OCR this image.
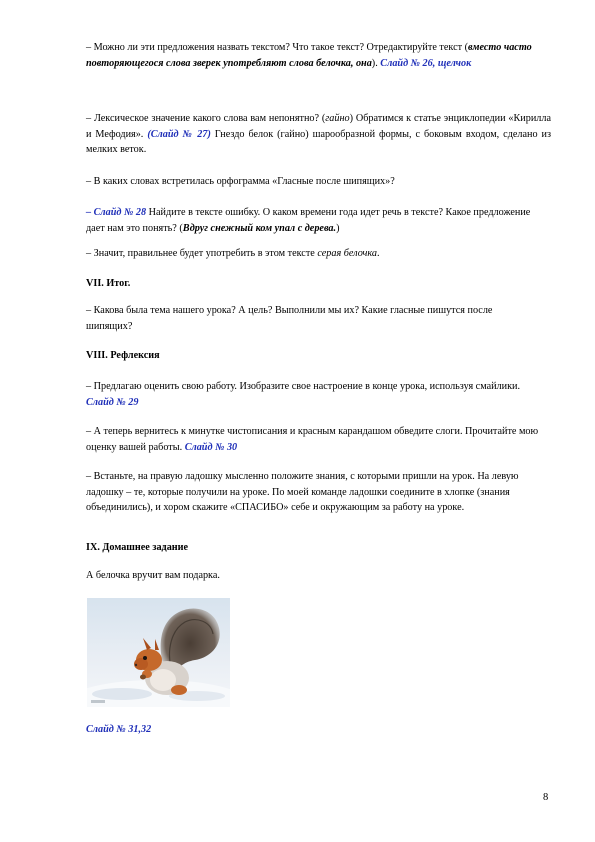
– Можно ли эти предложения назвать текстом? Что такое текст? Отредактируйте текст (вместо часто повторяющегося слова зверек употребляют слова белочка, она). Слайд № 26, щелчок
– Лексическое значение какого слова вам непонятно? (гайно) Обратимся к статье энциклопедии «Кирилла и Мефодия». (Слайд № 27) Гнездо белок (гайно) шарообразной формы, с боковым входом, сделано из мелких веток.
– В каких словах встретилась орфограмма «Гласные после шипящих»?
– Слайд № 28 Найдите в тексте ошибку. О каком времени года идет речь в тексте? Какое предложение дает нам это понять? (Вдруг снежный ком упал с дерева.)
– Значит, правильнее будет употребить в этом тексте серая белочка.
VII. Итог.
– Какова была тема нашего урока? А цель? Выполнили мы их? Какие гласные пишутся после шипящих?
VIII. Рефлексия
– Предлагаю оценить свою работу. Изобразите свое настроение в конце урока, используя смайлики. Слайд № 29
– А теперь вернитесь к минутке чистописания и красным карандашом обведите слоги. Прочитайте мою оценку вашей работы. Слайд № 30
– Встаньте, на правую ладошку мысленно положите знания, с которыми пришли на урок. На левую ладошку – те, которые получили на уроке. По моей команде ладошки соедините в хлопке (знания объединились), и хором скажите «СПАСИБО» себе и окружающим за работу на уроке.
IX. Домашнее задание
А белочка вручит вам подарка.
Слайд № 31,32
8
